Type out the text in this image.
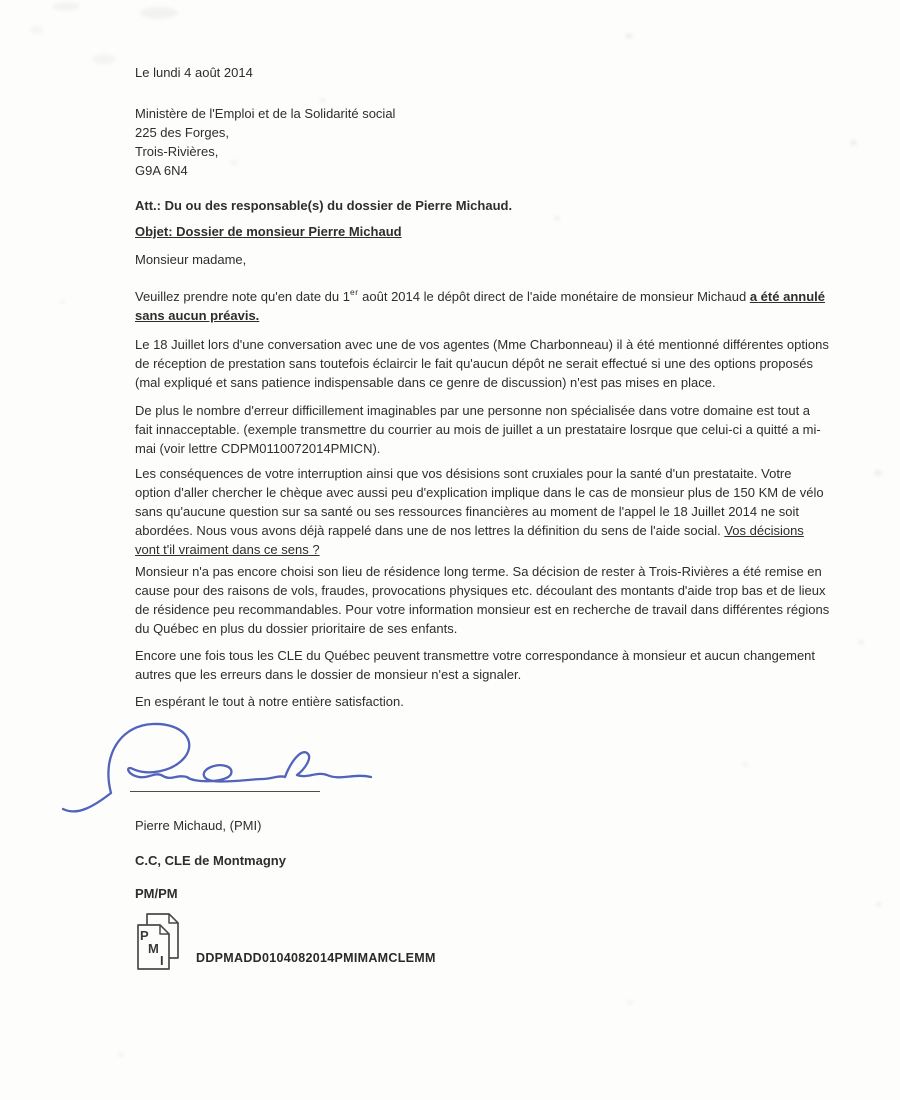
Le lundi 4 août 2014

Ministère de l'Emploi et de la Solidarité social
225 des Forges,
Trois-Rivières,
G9A 6N4

Att.: Du ou des responsable(s) du dossier de Pierre Michaud.

Objet: Dossier de monsieur Pierre Michaud

Monsieur madame,

Veuillez prendre note qu'en date du 1er août 2014 le dépôt direct de l'aide monétaire de monsieur Michaud a été annulé sans aucun préavis.

Le 18 Juillet lors d'une conversation avec une de vos agentes (Mme Charbonneau) il à été mentionné différentes options de réception de prestation sans toutefois éclaircir le fait qu'aucun dépôt ne serait effectué si une des options proposés (mal expliqué et sans patience indispensable dans ce genre de discussion) n'est pas mises en place.

De plus le nombre d'erreur difficillement imaginables par une personne non spécialisée dans votre domaine est tout a fait innacceptable. (exemple transmettre du courrier au mois de juillet a un prestataire losrque que celui-ci a quitté a mi-mai (voir lettre CDPM0110072014PMICN).

Les conséquences de votre interruption ainsi que vos désisions sont cruxiales pour la santé d'un prestataite. Votre option d'aller chercher le chèque avec aussi peu d'explication implique dans le cas de monsieur plus de 150 KM de vélo sans qu'aucune question sur sa santé ou ses ressources financières au moment de l'appel le 18 Juillet 2014 ne soit abordées. Nous vous avons déjà rappelé dans une de nos lettres la définition du sens de l'aide social. Vos décisions vont t'il vraiment dans ce sens ?

Monsieur n'a pas encore choisi son lieu de résidence long terme. Sa décision de rester à Trois-Rivières a été remise en cause pour des raisons de vols, fraudes, provocations physiques etc. découlant des montants d'aide trop bas et de lieux de résidence peu recommandables. Pour votre information monsieur est en recherche de travail dans différentes régions du Québec en plus du dossier prioritaire de ses enfants.

Encore une fois tous les CLE du Québec peuvent transmettre votre correspondance à monsieur et aucun changement autres que les erreurs dans le dossier de monsieur n'est a signaler.

En espérant le tout à notre entière satisfaction.

Pierre Michaud, (PMI)

C.C, CLE de Montmagny

PM/PM

P
M
I	DDPMADD0104082014PMIMAMCLEMM
